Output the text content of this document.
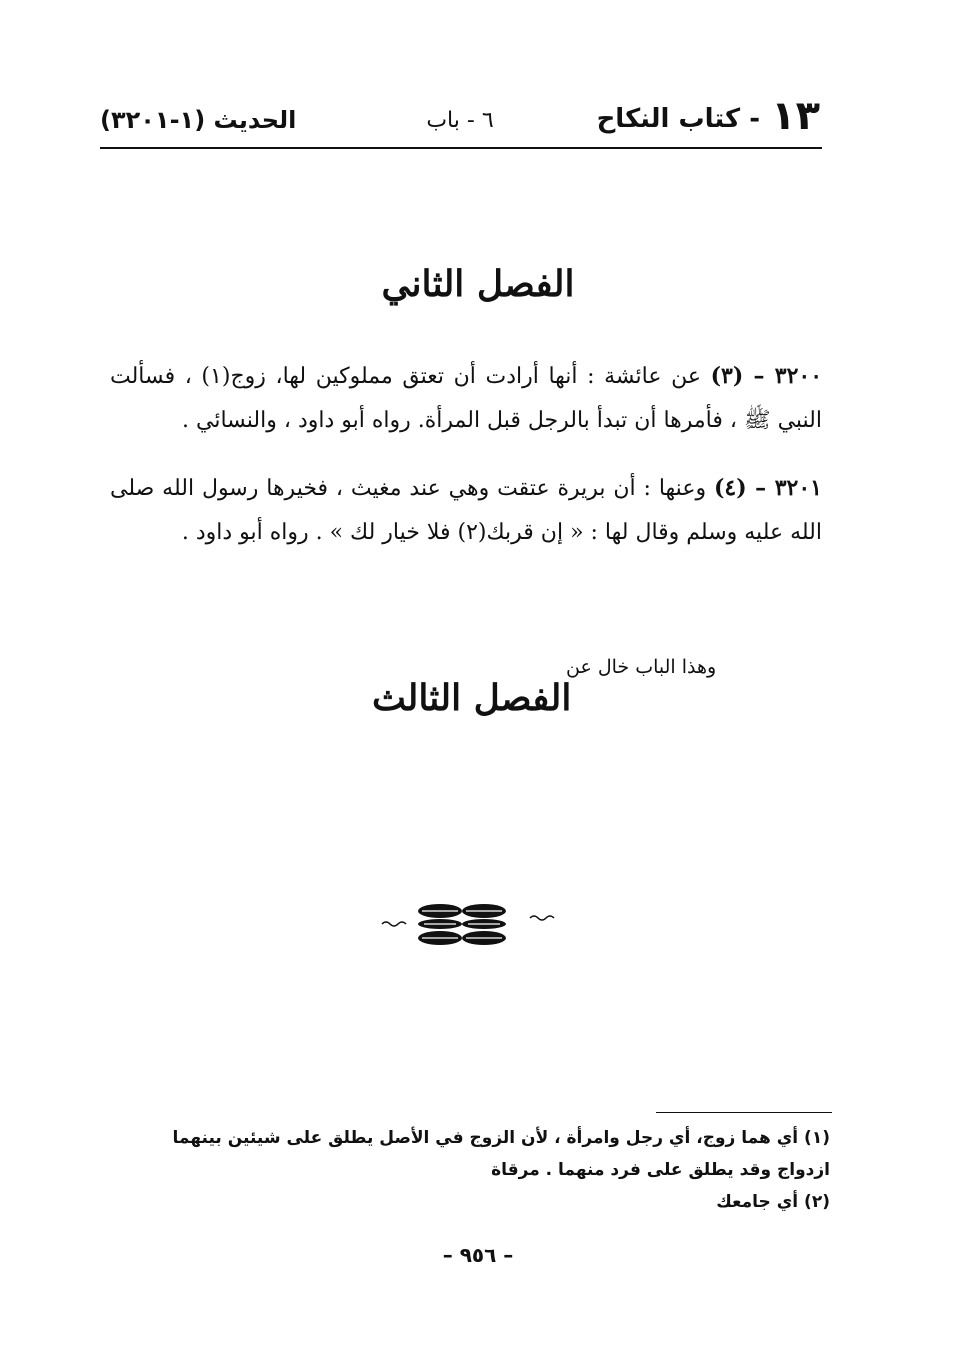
١٣
- كتاب النكاح
٦ - باب
الحديث (١-٣٢٠١)
الفصل الثاني
٣٢٠٠ – (٣) عن عائشة : أنها أرادت أن تعتق مملوكين لها، زوج(١) ، فسألت النبي ﷺ ، فأمرها أن تبدأ بالرجل قبل المرأة. رواه أبو داود ، والنسائي .
٣٢٠١ – (٤) وعنها : أن بريرة عتقت وهي عند مغيث ، فخيرها رسول الله صلى الله عليه وسلم وقال لها : « إن قربك(٢) فلا خيار لك » . رواه أبو داود .
وهذا الباب خال عن
الفصل الثالث

(١) أي هما زوج، أي رجل وامرأة ، لأن الزوج في الأصل يطلق على شيئين بينهما ازدواج وقد يطلق على فرد منهما . مرقاة

(٢) أي جامعك

– ٩٥٦ –
